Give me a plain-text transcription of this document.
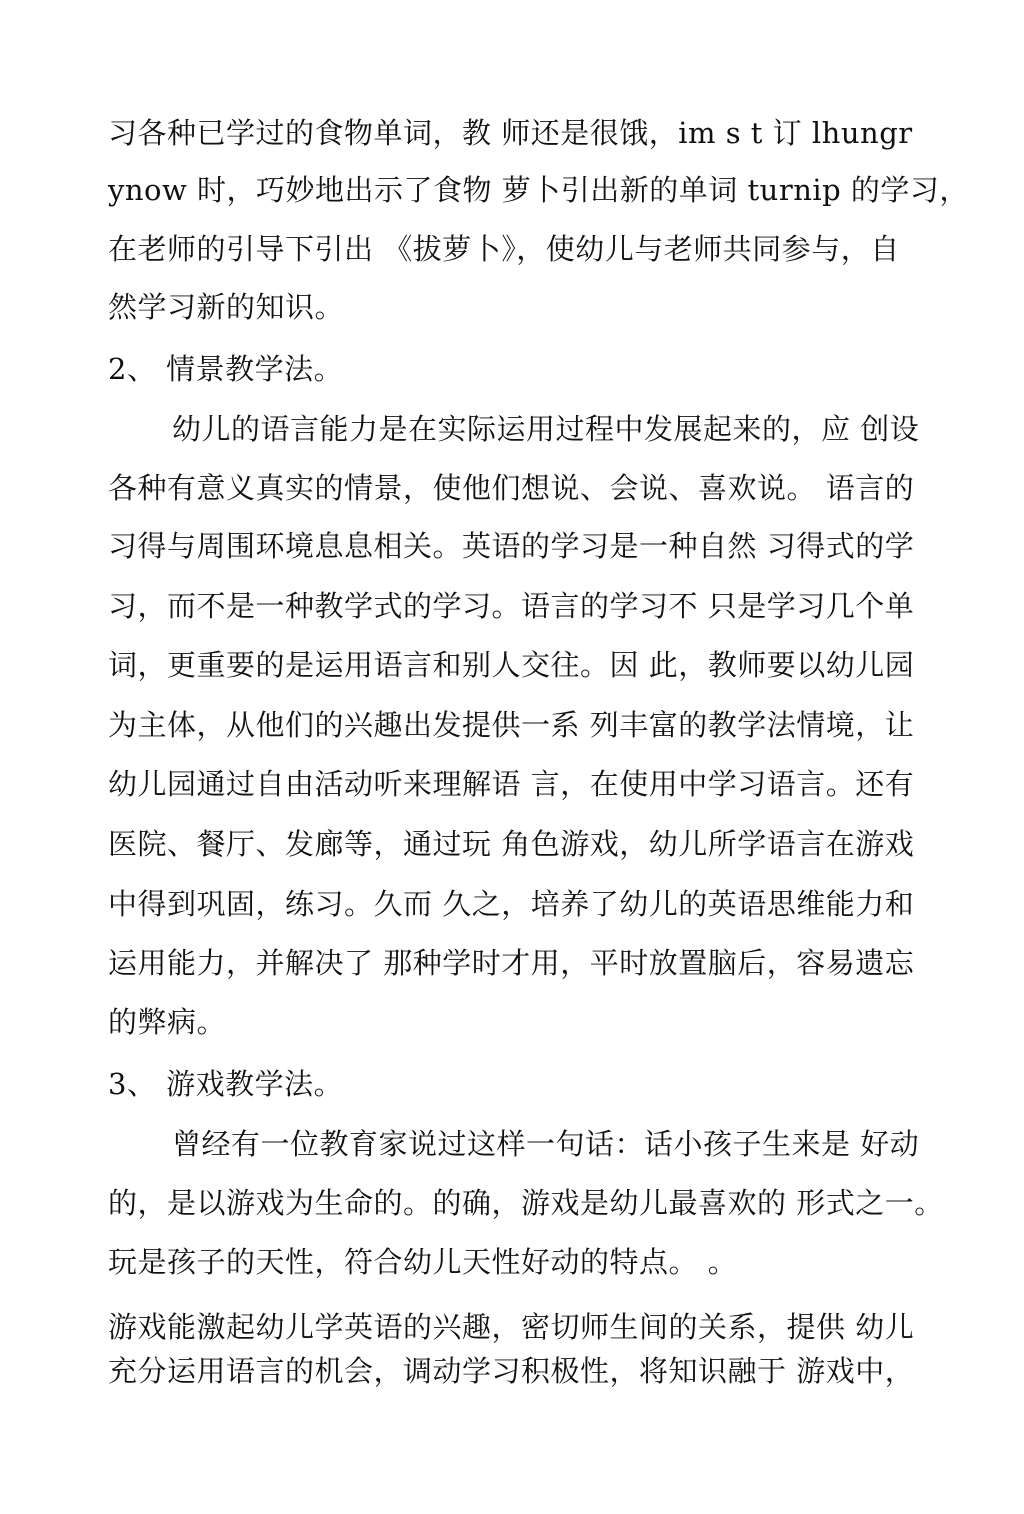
习各种已学过的食物单词，教 师还是很饿，im s t 订 lhungr
ynow 时，巧妙地出示了食物 萝卜引出新的单词 turnip 的学习，
在老师的引导下引出 《拔萝卜》，使幼儿与老师共同参与，自
然学习新的知识。
2、 情景教学法。
幼儿的语言能力是在实际运用过程中发展起来的，应 创设
各种有意义真实的情景，使他们想说、会说、喜欢说。 语言的
习得与周围环境息息相关。英语的学习是一种自然 习得式的学
习，而不是一种教学式的学习。语言的学习不 只是学习几个单
词，更重要的是运用语言和别人交往。因 此，教师要以幼儿园
为主体，从他们的兴趣出发提供一系 列丰富的教学法情境，让
幼儿园通过自由活动听来理解语 言，在使用中学习语言。还有
医院、餐厅、发廊等，通过玩 角色游戏，幼儿所学语言在游戏
中得到巩固，练习。久而 久之，培养了幼儿的英语思维能力和
运用能力，并解决了 那种学时才用，平时放置脑后，容易遗忘
的弊病。
3、 游戏教学法。
曾经有一位教育家说过这样一句话：话小孩子生来是 好动
的，是以游戏为生命的。的确，游戏是幼儿最喜欢的 形式之一。
玩是孩子的天性，符合幼儿天性好动的特点。 。
游戏能激起幼儿学英语的兴趣，密切师生间的关系，提供 幼儿
充分运用语言的机会，调动学习积极性，将知识融于 游戏中，
